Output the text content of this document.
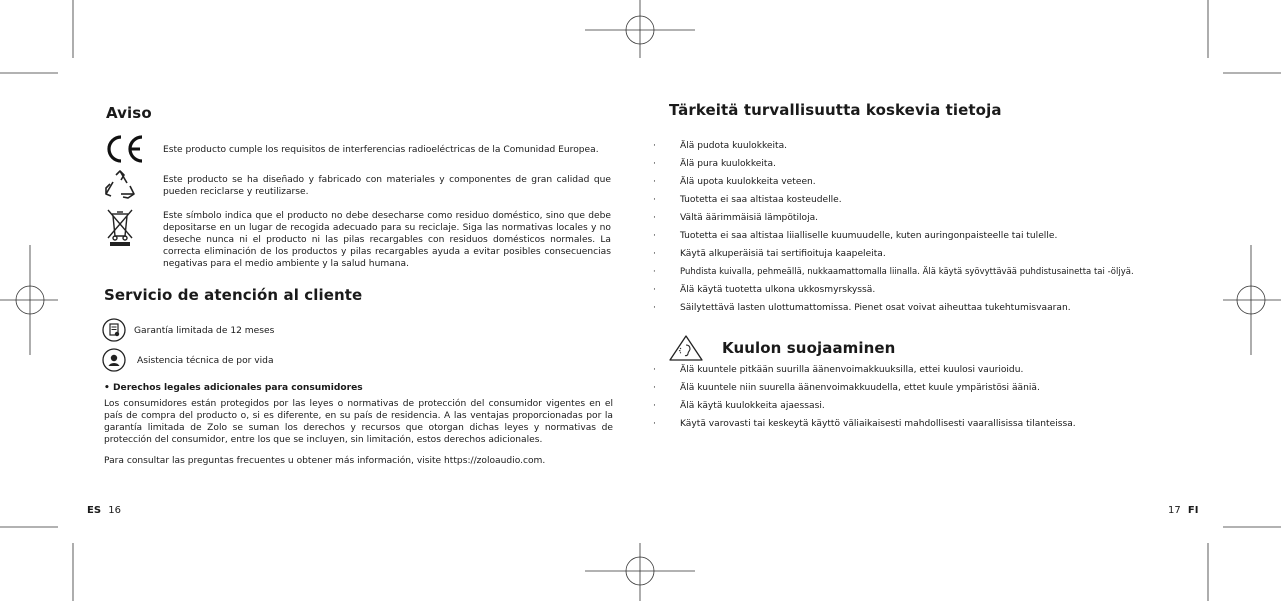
Aviso
Este producto cumple los requisitos de interferencias radioeléctricas de la Comunidad Europea.
Este producto se ha diseñado y fabricado con materiales y componentes de gran calidad que pueden reciclarse y reutilizarse.
Este símbolo indica que el producto no debe desecharse como residuo doméstico, sino que debe depositarse en un lugar de recogida adecuado para su reciclaje. Siga las normativas locales y no deseche nunca ni el producto ni las pilas recargables con residuos domésticos normales. La correcta eliminación de los productos y pilas recargables ayuda a evitar posibles consecuencias negativas para el medio ambiente y la salud humana.
Servicio de atención al cliente
Garantía limitada de 12 meses
Asistencia técnica de por vida
• Derechos legales adicionales para consumidores
Los consumidores están protegidos por las leyes o normativas de protección del consumidor vigentes en el país de compra del producto o, si es diferente, en su país de residencia. A las ventajas proporcionadas por la garantía limitada de Zolo se suman los derechos y recursos que otorgan dichas leyes y normativas de protección del consumidor, entre los que se incluyen, sin limitación, estos derechos adicionales.
Para consultar las preguntas frecuentes u obtener más información, visite https://zoloaudio.com.
ES 16
Tärkeitä turvallisuutta koskevia tietoja
·	Älä pudota kuulokkeita.
·	Älä pura kuulokkeita.
·	Älä upota kuulokkeita veteen.
·	Tuotetta ei saa altistaa kosteudelle.
·	Vältä äärimmäisiä lämpötiloja.
·	Tuotetta ei saa altistaa liialliselle kuumuudelle, kuten auringonpaisteelle tai tulelle.
·	Käytä alkuperäisiä tai sertifioituja kaapeleita.
·	Puhdista kuivalla, pehmeällä, nukkaamattomalla liinalla. Älä käytä syövyttävää puhdistusainetta tai -öljyä.
·	Älä käytä tuotetta ulkona ukkosmyrskyssä.
·	Säilytettävä lasten ulottumattomissa. Pienet osat voivat aiheuttaa tukehtumisvaaran.
Kuulon suojaaminen
·	Älä kuuntele pitkään suurilla äänenvoimakkuuksilla, ettei kuulosi vaurioidu.
·	Älä kuuntele niin suurella äänenvoimakkuudella, ettet kuule ympäristösi ääniä.
·	Älä käytä kuulokkeita ajaessasi.
·	Käytä varovasti tai keskeytä käyttö väliaikaisesti mahdollisesti vaarallisissa tilanteissa.
17 FI
